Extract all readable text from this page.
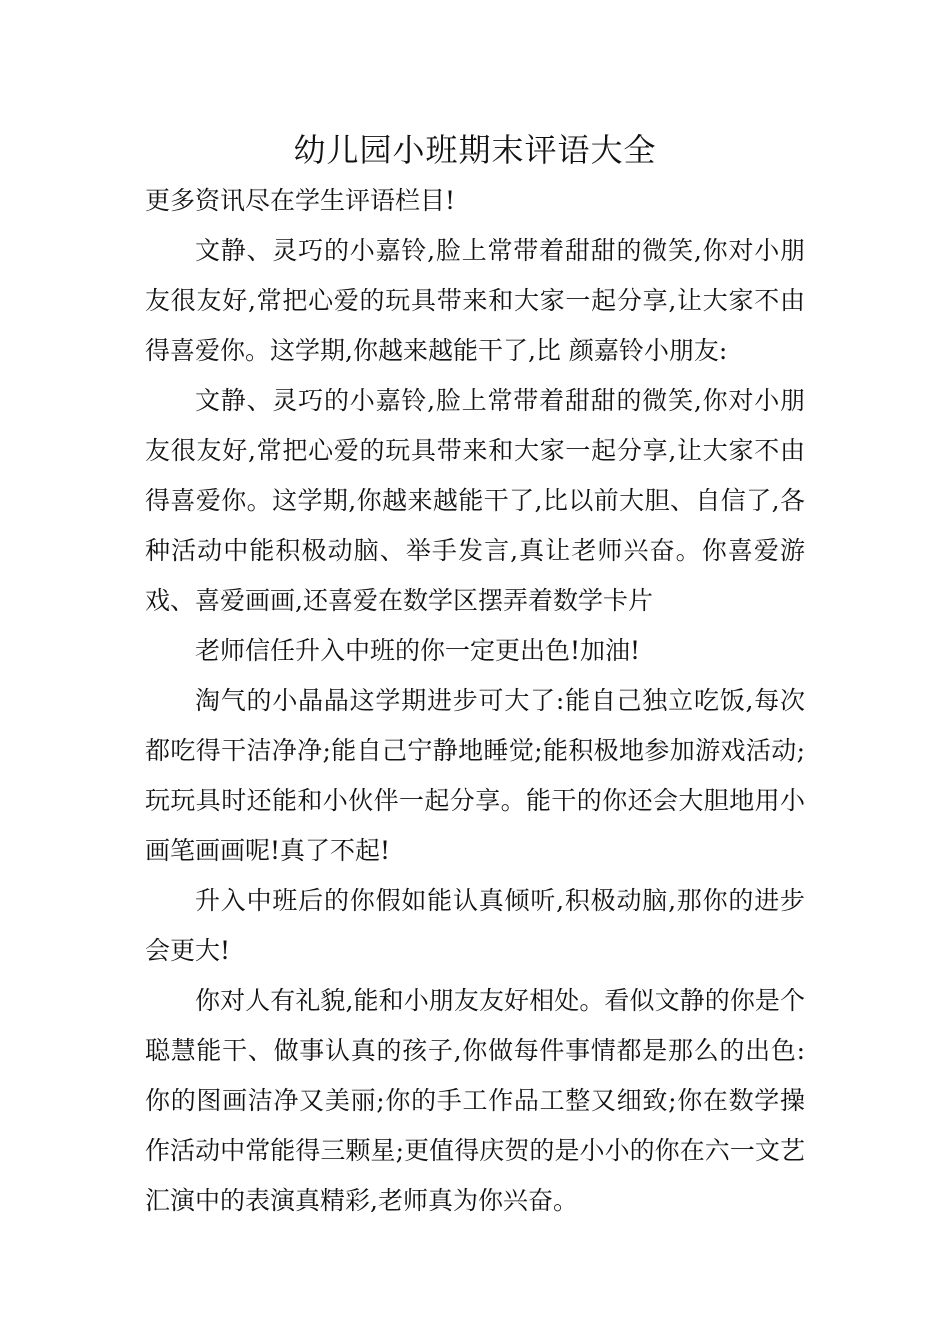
幼儿园小班期末评语大全

更多资讯尽在学生评语栏目!

文静、灵巧的小嘉铃,脸上常带着甜甜的微笑,你对小朋友很友好,常把心爱的玩具带来和大家一起分享,让大家不由得喜爱你。这学期,你越来越能干了,比 颜嘉铃小朋友:

文静、灵巧的小嘉铃,脸上常带着甜甜的微笑,你对小朋友很友好,常把心爱的玩具带来和大家一起分享,让大家不由得喜爱你。这学期,你越来越能干了,比以前大胆、自信了,各种活动中能积极动脑、举手发言,真让老师兴奋。你喜爱游戏、喜爱画画,还喜爱在数学区摆弄着数学卡片

老师信任升入中班的你一定更出色!加油!

淘气的小晶晶这学期进步可大了:能自己独立吃饭,每次都吃得干洁净净;能自己宁静地睡觉;能积极地参加游戏活动;玩玩具时还能和小伙伴一起分享。能干的你还会大胆地用小画笔画画呢!真了不起!

升入中班后的你假如能认真倾听,积极动脑,那你的进步会更大!

你对人有礼貌,能和小朋友友好相处。看似文静的你是个聪慧能干、做事认真的孩子,你做每件事情都是那么的出色:你的图画洁净又美丽;你的手工作品工整又细致;你在数学操作活动中常能得三颗星;更值得庆贺的是小小的你在六一文艺汇演中的表演真精彩,老师真为你兴奋。
